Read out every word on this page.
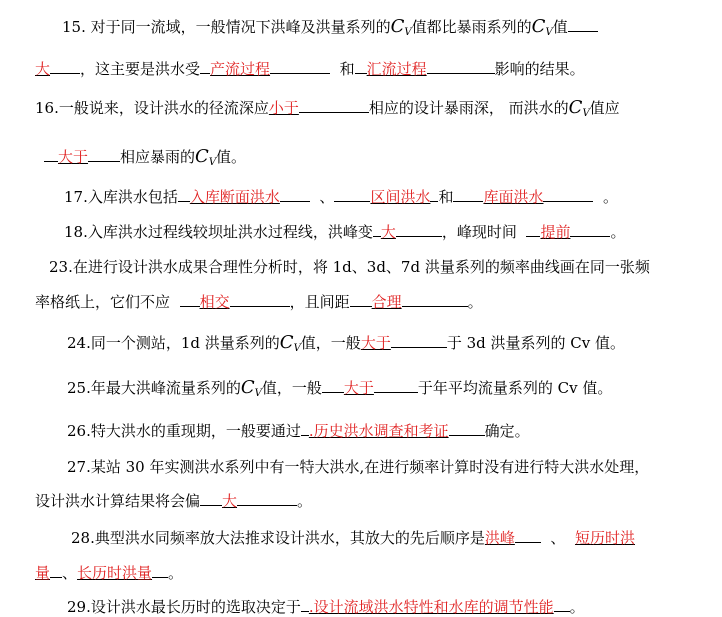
15. 对于同一流域，一般情况下洪峰及洪量系列的$C_V$值都比暴雨系列的$C_V$值
大 ，这主要是洪水受 产流过程	和 汇流过程	影响的结果。
16.一般说来，设计洪水的径流深应小于	相应的设计暴雨深， 而洪水的$C_V$值应
大于 相应暴雨的$C_V$值。
17.入库洪水包括 入库断面洪水	、 区间洪水 和 库面洪水	。
18.入库洪水过程线较坝址洪水过程线，洪峰变 大	，峰现时间 提前	。
23.在进行设计洪水成果合理性分析时，将 1d、3d、7d 洪量系列的频率曲线画在同一张频
率格纸上，它们不应 相交	，且间距 合理	。
24.同一个测站，1d 洪量系列的$C_V$值，一般大于	于 3d 洪量系列的 Cv 值。
25.年最大洪峰流量系列的$C_V$值，一般 大于	于年平均流量系列的 Cv 值。
26.特大洪水的重现期，一般要通过 .历史洪水调查和考证 确定。
27.某站 30 年实测洪水系列中有一特大洪水,在进行频率计算时没有进行特大洪水处理，
设计洪水计算结果将会偏 大	。
28.典型洪水同频率放大法推求设计洪水，其放大的先后顺序是洪峰 、 短历时洪
量 、长历时洪量 。
29.设计洪水最长历时的选取决定于 .设计流域洪水特性和水库的调节性能 。
